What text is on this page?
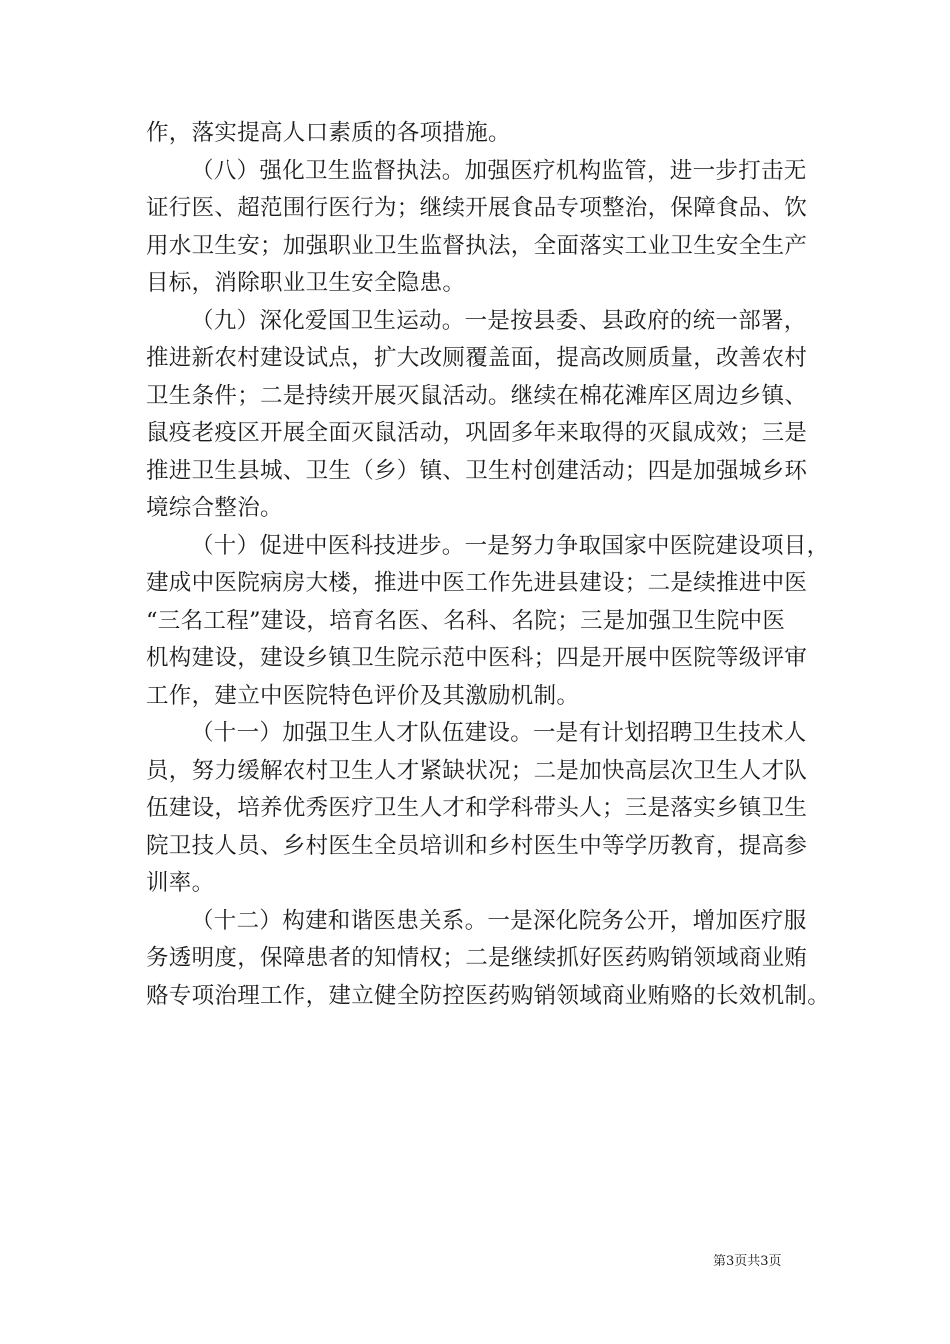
作，落实提高人口素质的各项措施。
（八）强化卫生监督执法。加强医疗机构监管，进一步打击无
证行医、超范围行医行为；继续开展食品专项整治，保障食品、饮
用水卫生安；加强职业卫生监督执法，全面落实工业卫生安全生产
目标，消除职业卫生安全隐患。
（九）深化爱国卫生运动。一是按县委、县政府的统一部署，
推进新农村建设试点，扩大改厕覆盖面，提高改厕质量，改善农村
卫生条件；二是持续开展灭鼠活动。继续在棉花滩库区周边乡镇、
鼠疫老疫区开展全面灭鼠活动，巩固多年来取得的灭鼠成效；三是
推进卫生县城、卫生（乡）镇、卫生村创建活动；四是加强城乡环
境综合整治。
（十）促进中医科技进步。一是努力争取国家中医院建设项目，
建成中医院病房大楼，推进中医工作先进县建设；二是续推进中医
“三名工程”建设，培育名医、名科、名院；三是加强卫生院中医
机构建设，建设乡镇卫生院示范中医科；四是开展中医院等级评审
工作，建立中医院特色评价及其激励机制。
（十一）加强卫生人才队伍建设。一是有计划招聘卫生技术人
员，努力缓解农村卫生人才紧缺状况；二是加快高层次卫生人才队
伍建设，培养优秀医疗卫生人才和学科带头人；三是落实乡镇卫生
院卫技人员、乡村医生全员培训和乡村医生中等学历教育，提高参
训率。
（十二）构建和谐医患关系。一是深化院务公开，增加医疗服
务透明度，保障患者的知情权；二是继续抓好医药购销领域商业贿
赂专项治理工作，建立健全防控医药购销领域商业贿赂的长效机制。
第3页共3页
